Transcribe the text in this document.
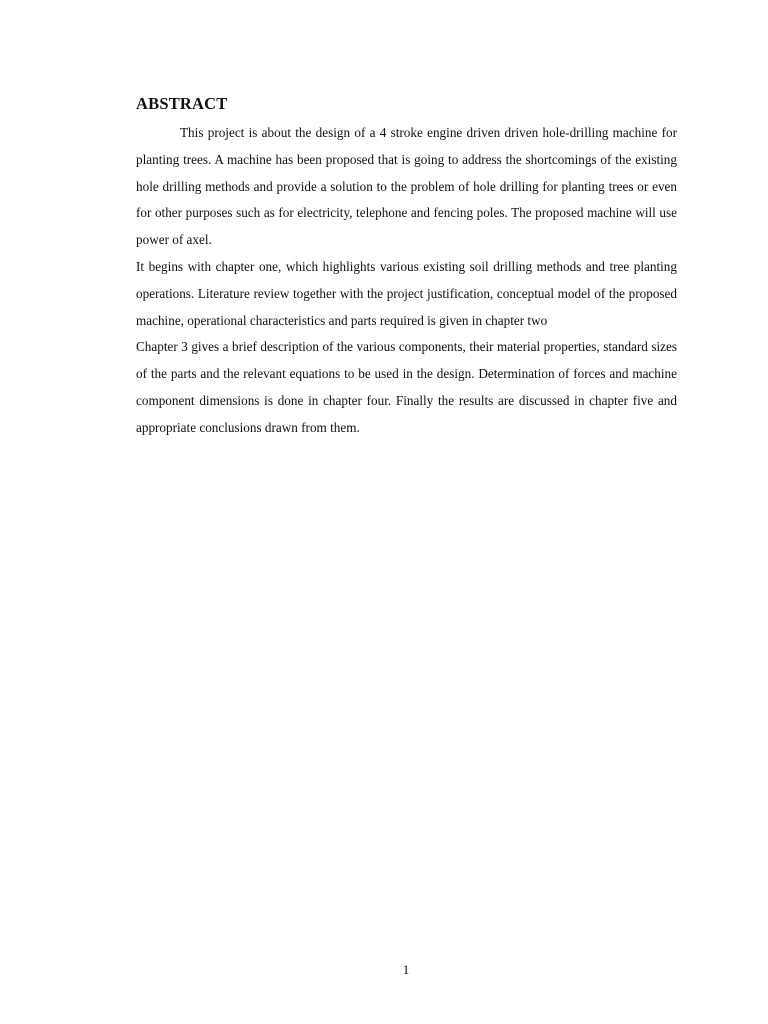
ABSTRACT

This project is about the design of a 4 stroke engine driven driven hole-drilling machine for planting trees. A machine has been proposed that is going to address the shortcomings of the existing hole drilling methods and provide a solution to the problem of hole drilling for planting trees or even for other purposes such as for electricity, telephone and fencing poles. The proposed machine will use power of axel.

It begins with chapter one, which highlights various existing soil drilling methods and tree planting operations. Literature review together with the project justification, conceptual model of the proposed machine, operational characteristics and parts required is given in chapter two

Chapter 3 gives a brief description of the various components, their material properties, standard sizes of the parts and the relevant equations to be used in the design. Determination of forces and machine component dimensions is done in chapter four. Finally the results are discussed in chapter five and appropriate conclusions drawn from them.

1
